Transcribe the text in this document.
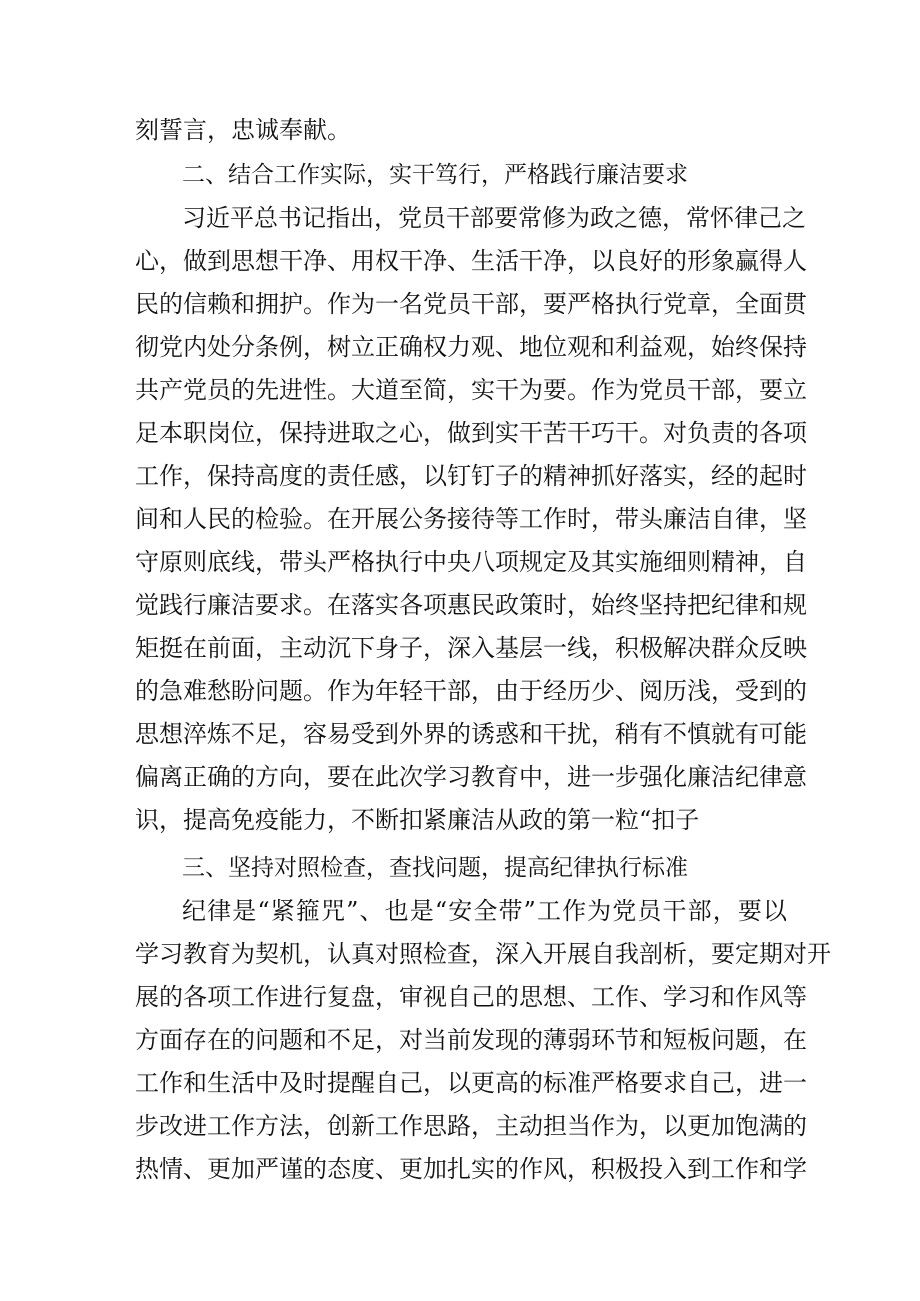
刻誓言，忠诚奉献。
二、结合工作实际，实干笃行，严格践行廉洁要求
习近平总书记指出，党员干部要常修为政之德，常怀律己之
心，做到思想干净、用权干净、生活干净，以良好的形象赢得人
民的信赖和拥护。作为一名党员干部，要严格执行党章，全面贯
彻党内处分条例，树立正确权力观、地位观和利益观，始终保持
共产党员的先进性。大道至简，实干为要。作为党员干部，要立
足本职岗位，保持进取之心，做到实干苦干巧干。对负责的各项
工作，保持高度的责任感，以钉钉子的精神抓好落实，经的起时
间和人民的检验。在开展公务接待等工作时，带头廉洁自律，坚
守原则底线，带头严格执行中央八项规定及其实施细则精神，自
觉践行廉洁要求。在落实各项惠民政策时，始终坚持把纪律和规
矩挺在前面，主动沉下身子，深入基层一线，积极解决群众反映
的急难愁盼问题。作为年轻干部，由于经历少、阅历浅，受到的
思想淬炼不足，容易受到外界的诱惑和干扰，稍有不慎就有可能
偏离正确的方向，要在此次学习教育中，进一步强化廉洁纪律意
识，提高免疫能力，不断扣紧廉洁从政的第一粒“扣子
三、坚持对照检查，查找问题，提高纪律执行标准
纪律是“紧箍咒”、也是“安全带”工作为党员干部，要以
学习教育为契机，认真对照检查，深入开展自我剖析，要定期对开
展的各项工作进行复盘，审视自己的思想、工作、学习和作风等
方面存在的问题和不足，对当前发现的薄弱环节和短板问题，在
工作和生活中及时提醒自己，以更高的标准严格要求自己，进一
步改进工作方法，创新工作思路，主动担当作为，以更加饱满的
热情、更加严谨的态度、更加扎实的作风，积极投入到工作和学
